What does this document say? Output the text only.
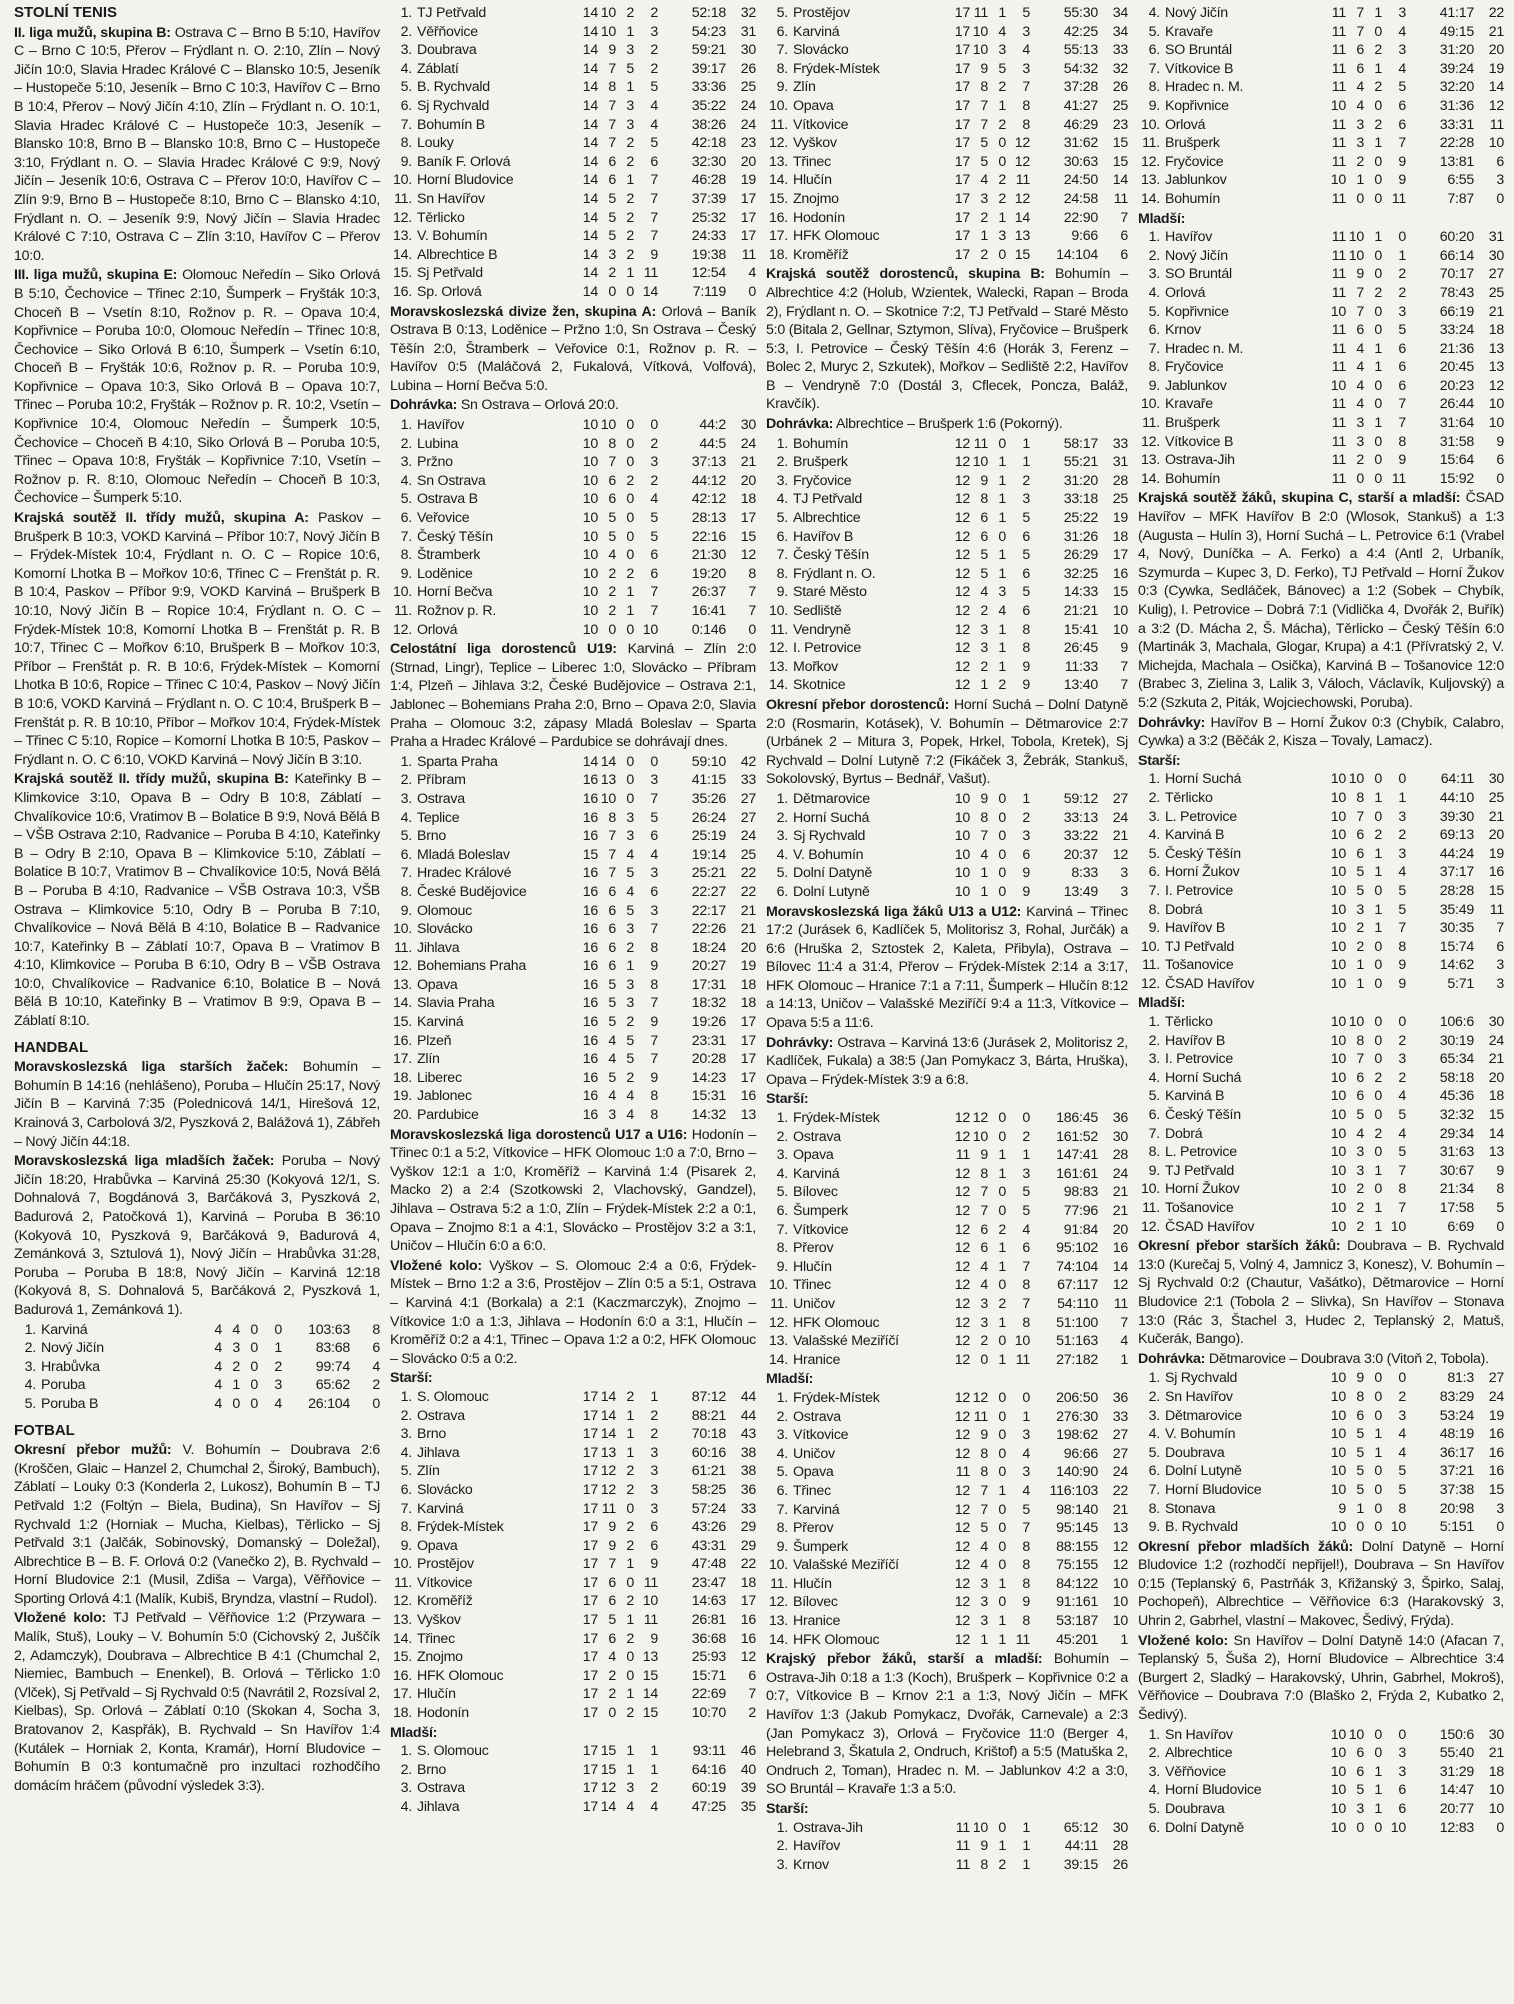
STOLNÍ TENIS
II. liga mužů, skupina B: Ostrava C – Brno B 5:10, Havířov C – Brno C 10:5, Přerov – Frýdlant n. O. 2:10, Zlín – Nový Jičín 10:0, Slavia Hradec Králové C – Blansko 10:5, Jeseník – Hustopeče 5:10, Jeseník – Brno C 10:3, Havířov C – Brno B 10:4, Přerov – Nový Jičín 4:10, Zlín – Frýdlant n. O. 10:1, Slavia Hradec Králové C – Hustopeče 10:3, Jeseník – Blansko 10:8, Brno B – Blansko 10:8, Brno C – Hustopeče 3:10, Frýdlant n. O. – Slavia Hradec Králové C 9:9, Nový Jičín – Jeseník 10:6, Ostrava C – Přerov 10:0, Havířov C – Zlín 9:9, Brno B – Hustopeče 8:10, Brno C – Blansko 4:10, Frýdlant n. O. – Jeseník 9:9, Nový Jičín – Slavia Hradec Králové C 7:10, Ostrava C – Zlín 3:10, Havířov C – Přerov 10:0.
III. liga mužů, skupina E: Olomouc Neředín – Siko Orlová B 5:10, Čechovice – Třinec 2:10, Šumperk – Fryšták 10:3, Choceň B – Vsetín 8:10, Rožnov p. R. – Opava 10:4, Kopřivnice – Poruba 10:0, Olomouc Neředín – Třinec 10:8, Čechovice – Siko Orlová B 6:10, Šumperk – Vsetín 6:10, Choceň B – Fryšták 10:6, Rožnov p. R. – Poruba 10:9, Kopřivnice – Opava 10:3, Siko Orlová B – Opava 10:7, Třinec – Poruba 10:2, Fryšták – Rožnov p. R. 10:2, Vsetín – Kopřivnice 10:4, Olomouc Neředín – Šumperk 10:5, Čechovice – Choceň B 4:10, Siko Orlová B – Poruba 10:5, Třinec – Opava 10:8, Fryšták – Kopřivnice 7:10, Vsetín – Rožnov p. R. 8:10, Olomouc Neředín – Choceň B 10:3, Čechovice – Šumperk 5:10.
Krajská soutěž II. třídy mužů, skupina A: Paskov – Brušperk B 10:3, VOKD Karviná – Příbor 10:7, Nový Jičín B – Frýdek-Místek 10:4, Frýdlant n. O. C – Ropice 10:6, Komorní Lhotka B – Mořkov 10:6, Třinec C – Frenštát p. R. B 10:4, Paskov – Příbor 9:9, VOKD Karviná – Brušperk B 10:10, Nový Jičín B – Ropice 10:4, Frýdlant n. O. C – Frýdek-Místek 10:8, Komorní Lhotka B – Frenštát p. R. B 10:7, Třinec C – Mořkov 6:10, Brušperk B – Mořkov 10:3, Příbor – Frenštát p. R. B 10:6, Frýdek-Místek – Komorní Lhotka B 10:6, Ropice – Třinec C 10:4, Paskov – Nový Jičín B 10:6, VOKD Karviná – Frýdlant n. O. C 10:4, Brušperk B – Frenštát p. R. B 10:10, Příbor – Mořkov 10:4, Frýdek-Místek – Třinec C 5:10, Ropice – Komorní Lhotka B 10:5, Paskov – Frýdlant n. O. C 6:10, VOKD Karviná – Nový Jičín B 3:10.
Krajská soutěž II. třídy mužů, skupina B: Kateřinky B – Klimkovice 3:10, Opava B – Odry B 10:8, Záblatí – Chvalíkovice 10:6, Vratimov B – Bolatice B 9:9, Nová Bělá B – VŠB Ostrava 2:10, Radvanice – Poruba B 4:10, Kateřinky B – Odry B 2:10, Opava B – Klimkovice 5:10, Záblatí – Bolatice B 10:7, Vratimov B – Chvalíkovice 10:5, Nová Bělá B – Poruba B 4:10, Radvanice – VŠB Ostrava 10:3, VŠB Ostrava – Klimkovice 5:10, Odry B – Poruba B 7:10, Chvalíkovice – Nová Bělá B 4:10, Bolatice B – Radvanice 10:7, Kateřinky B – Záblatí 10:7, Opava B – Vratimov B 4:10, Klimkovice – Poruba B 6:10, Odry B – VŠB Ostrava 10:0, Chvalíkovice – Radvanice 6:10, Bolatice B – Nová Bělá B 10:10, Kateřinky B – Vratimov B 9:9, Opava B – Záblatí 8:10.
HANDBAL
Moravskoslezská liga starších žaček: Bohumín – Bohumín B 14:16 (nehlášeno), Poruba – Hlučín 25:17, Nový Jičín B – Karviná 7:35 (Polednicová 14/1, Hirešová 12, Krainová 3, Carbolová 3/2, Pyszková 2, Balážová 1), Zábřeh – Nový Jičín 44:18.
Moravskoslezská liga mladších žaček: Poruba – Nový Jičín 18:20, Hrabůvka – Karviná 25:30 (Kokyová 12/1, S. Dohnalová 7, Bogdánová 3, Barčáková 3, Pyszková 2, Badurová 2, Patočková 1), Karviná – Poruba B 36:10 (Kokyová 10, Pyszková 9, Barčáková 9, Badurová 4, Zemánková 3, Sztulová 1), Nový Jičín – Hrabůvka 31:28, Poruba – Poruba B 18:8, Nový Jičín – Karviná 12:18 (Kokyová 8, S. Dohnalová 5, Barčáková 2, Pyszková 1, Badurová 1, Zemánková 1).
1.	Karviná	4	4	0	0	103:63	8
2.	Nový Jičín	4	3	0	1	83:68	6
3.	Hrabůvka	4	2	0	2	99:74	4
4.	Poruba	4	1	0	3	65:62	2
5.	Poruba B	4	0	0	4	26:104	0
FOTBAL
Okresní přebor mužů: V. Bohumín – Doubrava 2:6 (Kroščen, Glaic – Hanzel 2, Chumchal 2, Široký, Bambuch), Záblatí – Louky 0:3 (Konderla 2, Lukosz), Bohumín B – TJ Petřvald 1:2 (Foltýn – Biela, Budina), Sn Havířov – Sj Rychvald 1:2 (Horniak – Mucha, Kielbas), Těrlicko – Sj Petřvald 3:1 (Jalčák, Sobinovský, Domanský – Doležal), Albrechtice B – B. F. Orlová 0:2 (Vanečko 2), B. Rychvald – Horní Bludovice 2:1 (Musil, Zdiša – Varga), Věřňovice – Sporting Orlová 4:1 (Malík, Kubiš, Bryndza, vlastní – Rudol).
Vložené kolo: TJ Petřvald – Věřňovice 1:2 (Przywara – Malík, Stuš), Louky – V. Bohumín 5:0 (Cichovský 2, Juščík 2, Adamczyk), Doubrava – Albrechtice B 4:1 (Chumchal 2, Niemiec, Bambuch – Enenkel), B. Orlová – Těrlicko 1:0 (Vlček), Sj Petřvald – Sj Rychvald 0:5 (Navrátil 2, Rozsíval 2, Kielbas), Sp. Orlová – Záblatí 0:10 (Skokan 4, Socha 3, Bratovanov 2, Kaspřák), B. Rychvald – Sn Havířov 1:4 (Kutálek – Horniak 2, Konta, Kramár), Horní Bludovice – Bohumín B 0:3 kontumačně pro inzultaci rozhodčího domácím hráčem (původní výsledek 3:3).
1.	TJ Petřvald	14	10	2	2	52:18	32
2.	Věřňovice	14	10	1	3	54:23	31
3.	Doubrava	14	9	3	2	59:21	30
4.	Záblatí	14	7	5	2	39:17	26
5.	B. Rychvald	14	8	1	5	33:36	25
6.	Sj Rychvald	14	7	3	4	35:22	24
7.	Bohumín B	14	7	3	4	38:26	24
8.	Louky	14	7	2	5	42:18	23
9.	Baník F. Orlová	14	6	2	6	32:30	20
10.	Horní Bludovice	14	6	1	7	46:28	19
11.	Sn Havířov	14	5	2	7	37:39	17
12.	Těrlicko	14	5	2	7	25:32	17
13.	V. Bohumín	14	5	2	7	24:33	17
14.	Albrechtice B	14	3	2	9	19:38	11
15.	Sj Petřvald	14	2	1	11	12:54	4
16.	Sp. Orlová	14	0	0	14	7:119	0
Moravskoslezská divize žen, skupina A: Orlová – Baník Ostrava B 0:13, Loděnice – Pržno 1:0, Sn Ostrava – Český Těšín 2:0, Štramberk – Veřovice 0:1, Rožnov p. R. – Havířov 0:5 (Maláčová 2, Fukalová, Vítková, Volfová), Lubina – Horní Bečva 5:0.
Dohrávka: Sn Ostrava – Orlová 20:0.
1.	Havířov	10	10	0	0	44:2	30
2.	Lubina	10	8	0	2	44:5	24
3.	Pržno	10	7	0	3	37:13	21
4.	Sn Ostrava	10	6	2	2	44:12	20
5.	Ostrava B	10	6	0	4	42:12	18
6.	Veřovice	10	5	0	5	28:13	17
7.	Český Těšín	10	5	0	5	22:16	15
8.	Štramberk	10	4	0	6	21:30	12
9.	Loděnice	10	2	2	6	19:20	8
10.	Horní Bečva	10	2	1	7	26:37	7
11.	Rožnov p. R.	10	2	1	7	16:41	7
12.	Orlová	10	0	0	10	0:146	0
Celostátní liga dorostenců U19: Karviná – Zlín 2:0 (Strnad, Lingr), Teplice – Liberec 1:0, Slovácko – Příbram 1:4, Plzeň – Jihlava 3:2, České Budějovice – Ostrava 2:1, Jablonec – Bohemians Praha 2:0, Brno – Opava 2:0, Slavia Praha – Olomouc 3:2, zápasy Mladá Boleslav – Sparta Praha a Hradec Králové – Pardubice se dohrávají dnes.
1.	Sparta Praha	14	14	0	0	59:10	42
2.	Příbram	16	13	0	3	41:15	33
3.	Ostrava	16	10	0	7	35:26	27
4.	Teplice	16	8	3	5	26:24	27
5.	Brno	16	7	3	6	25:19	24
6.	Mladá Boleslav	15	7	4	4	19:14	25
7.	Hradec Králové	16	7	5	3	25:21	22
8.	České Budějovice	16	6	4	6	22:27	22
9.	Olomouc	16	6	5	3	22:17	21
10.	Slovácko	16	6	3	7	22:26	21
11.	Jihlava	16	6	2	8	18:24	20
12.	Bohemians Praha	16	6	1	9	20:27	19
13.	Opava	16	5	3	8	17:31	18
14.	Slavia Praha	16	5	3	7	18:32	18
15.	Karviná	16	5	2	9	19:26	17
16.	Plzeň	16	4	5	7	23:31	17
17.	Zlín	16	4	5	7	20:28	17
18.	Liberec	16	5	2	9	14:23	17
19.	Jablonec	16	4	4	8	15:31	16
20.	Pardubice	16	3	4	8	14:32	13
Moravskoslezská liga dorostenců U17 a U16: Hodonín – Třinec 0:1 a 5:2, Vítkovice – HFK Olomouc 1:0 a 7:0, Brno – Vyškov 12:1 a 1:0, Kroměříž – Karviná 1:4 (Pisarek 2, Macko 2) a 2:4 (Szotkowski 2, Vlachovský, Gandzel), Jihlava – Ostrava 5:2 a 1:0, Zlín – Frýdek-Místek 2:2 a 0:1, Opava – Znojmo 8:1 a 4:1, Slovácko – Prostějov 3:2 a 3:1, Uničov – Hlučín 6:0 a 6:0.
Vložené kolo: Vyškov – S. Olomouc 2:4 a 0:6, Frýdek-Místek – Brno 1:2 a 3:6, Prostějov – Zlín 0:5 a 5:1, Ostrava – Karviná 4:1 (Borkala) a 2:1 (Kaczmarczyk), Znojmo – Vítkovice 1:0 a 1:3, Jihlava – Hodonín 6:0 a 3:1, Hlučín – Kroměříž 0:2 a 4:1, Třinec – Opava 1:2 a 0:2, HFK Olomouc – Slovácko 0:5 a 0:2.
Starší:
1.	S. Olomouc	17	14	2	1	87:12	44
2.	Ostrava	17	14	1	2	88:21	44
3.	Brno	17	14	1	2	70:18	43
4.	Jihlava	17	13	1	3	60:16	38
5.	Zlín	17	12	2	3	61:21	38
6.	Slovácko	17	12	2	3	58:25	36
7.	Karviná	17	11	0	3	57:24	33
8.	Frýdek-Místek	17	9	2	6	43:26	29
9.	Opava	17	9	2	6	43:31	29
10.	Prostějov	17	7	1	9	47:48	22
11.	Vítkovice	17	6	0	11	23:47	18
12.	Kroměříž	17	6	2	10	14:63	17
13.	Vyškov	17	5	1	11	26:81	16
14.	Třinec	17	6	2	9	36:68	16
15.	Znojmo	17	4	0	13	25:93	12
16.	HFK Olomouc	17	2	0	15	15:71	6
17.	Hlučín	17	2	1	14	22:69	7
18.	Hodonín	17	0	2	15	10:70	2
Mladší:
1.	S. Olomouc	17	15	1	1	93:11	46
2.	Brno	17	15	1	1	64:16	40
3.	Ostrava	17	12	3	2	60:19	39
4.	Jihlava	17	14	4	4	47:25	35
5.	Prostějov	17	11	1	5	55:30	34
6.	Karviná	17	10	4	3	42:25	34
7.	Slovácko	17	10	3	4	55:13	33
8.	Frýdek-Místek	17	9	5	3	54:32	32
9.	Zlín	17	8	2	7	37:28	26
10.	Opava	17	7	1	8	41:27	25
11.	Vítkovice	17	7	2	8	46:29	23
12.	Vyškov	17	5	0	12	31:62	15
13.	Třinec	17	5	0	12	30:63	15
14.	Hlučín	17	4	2	11	24:50	14
15.	Znojmo	17	3	2	12	24:58	11
16.	Hodonín	17	2	1	14	22:90	7
17.	HFK Olomouc	17	1	3	13	9:66	6
18.	Kroměříž	17	2	0	15	14:104	6
Krajská soutěž dorostenců, skupina B: Bohumín – Albrechtice 4:2 (Holub, Wzientek, Walecki, Rapan – Broda 2), Frýdlant n. O. – Skotnice 7:2, TJ Petřvald – Staré Město 5:0 (Bitala 2, Gellnar, Sztymon, Slíva), Fryčovice – Brušperk 5:3, I. Petrovice – Český Těšín 4:6 (Horák 3, Ferenz – Bolec 2, Muryc 2, Szkutek), Mořkov – Sedliště 2:2, Havířov B – Vendryně 7:0 (Dostál 3, Cflecek, Poncza, Baláž, Kravčík).
Dohrávka: Albrechtice – Brušperk 1:6 (Pokorný).
1.	Bohumín	12	11	0	1	58:17	33
2.	Brušperk	12	10	1	1	55:21	31
3.	Fryčovice	12	9	1	2	31:20	28
4.	TJ Petřvald	12	8	1	3	33:18	25
5.	Albrechtice	12	6	1	5	25:22	19
6.	Havířov B	12	6	0	6	31:26	18
7.	Český Těšín	12	5	1	5	26:29	17
8.	Frýdlant n. O.	12	5	1	6	32:25	16
9.	Staré Město	12	4	3	5	14:33	15
10.	Sedliště	12	2	4	6	21:21	10
11.	Vendryně	12	3	1	8	15:41	10
12.	I. Petrovice	12	3	1	8	26:45	9
13.	Mořkov	12	2	1	9	11:33	7
14.	Skotnice	12	1	2	9	13:40	7
Okresní přebor dorostenců: Horní Suchá – Dolní Datyně 2:0 (Rosmarin, Kotásek), V. Bohumín – Dětmarovice 2:7 (Urbánek 2 – Mitura 3, Popek, Hrkel, Tobola, Kretek), Sj Rychvald – Dolní Lutyně 7:2 (Fikáček 3, Žebrák, Stankuš, Sokolovský, Byrtus – Bednář, Vašut).
1.	Dětmarovice	10	9	0	1	59:12	27
2.	Horní Suchá	10	8	0	2	33:13	24
3.	Sj Rychvald	10	7	0	3	33:22	21
4.	V. Bohumín	10	4	0	6	20:37	12
5.	Dolní Datyně	10	1	0	9	8:33	3
6.	Dolní Lutyně	10	1	0	9	13:49	3
Moravskoslezská liga žáků U13 a U12: Karviná – Třinec 17:2 (Jurásek 6, Kadlíček 5, Molitorisz 3, Rohal, Jurčák) a 6:6 (Hruška 2, Sztostek 2, Kaleta, Přibyla), Ostrava – Bílovec 11:4 a 31:4, Přerov – Frýdek-Místek 2:14 a 3:17, HFK Olomouc – Hranice 7:1 a 7:11, Šumperk – Hlučín 8:12 a 14:13, Uničov – Valašské Meziříčí 9:4 a 11:3, Vítkovice – Opava 5:5 a 11:6.
Dohrávky: Ostrava – Karviná 13:6 (Jurásek 2, Molitorisz 2, Kadlíček, Fukala) a 38:5 (Jan Pomykacz 3, Bárta, Hruška), Opava – Frýdek-Místek 3:9 a 6:8.
Starší:
1.	Frýdek-Místek	12	12	0	0	186:45	36
2.	Ostrava	12	10	0	2	161:52	30
3.	Opava	11	9	1	1	147:41	28
4.	Karviná	12	8	1	3	161:61	24
5.	Bílovec	12	7	0	5	98:83	21
6.	Šumperk	12	7	0	5	77:96	21
7.	Vítkovice	12	6	2	4	91:84	20
8.	Přerov	12	6	1	6	95:102	16
9.	Hlučín	12	4	1	7	74:104	14
10.	Třinec	12	4	0	8	67:117	12
11.	Uničov	12	3	2	7	54:110	11
12.	HFK Olomouc	12	3	1	8	51:100	7
13.	Valašské Meziříčí	12	2	0	10	51:163	4
14.	Hranice	12	0	1	11	27:182	1
Mladší:
1.	Frýdek-Místek	12	12	0	0	206:50	36
2.	Ostrava	12	11	0	1	276:30	33
3.	Vítkovice	12	9	0	3	198:62	27
4.	Uničov	12	8	0	4	96:66	27
5.	Opava	11	8	0	3	140:90	24
6.	Třinec	12	7	1	4	116:103	22
7.	Karviná	12	7	0	5	98:140	21
8.	Přerov	12	5	0	7	95:145	13
9.	Šumperk	12	4	0	8	88:155	12
10.	Valašské Meziříčí	12	4	0	8	75:155	12
11.	Hlučín	12	3	1	8	84:122	10
12.	Bílovec	12	3	0	9	91:161	10
13.	Hranice	12	3	1	8	53:187	10
14.	HFK Olomouc	12	1	1	11	45:201	1
Krajský přebor žáků, starší a mladší: Bohumín – Ostrava-Jih 0:18 a 1:3 (Koch), Brušperk – Kopřivnice 0:2 a 0:7, Vítkovice B – Krnov 2:1 a 1:3, Nový Jičín – MFK Havířov 1:3 (Jakub Pomykacz, Dvořák, Carnevale) a 2:3 (Jan Pomykacz 3), Orlová – Fryčovice 11:0 (Berger 4, Helebrand 3, Škatula 2, Ondruch, Krištof) a 5:5 (Matuška 2, Ondruch 2, Toman), Hradec n. M. – Jablunkov 4:2 a 3:0, SO Bruntál – Kravaře 1:3 a 5:0.
Starší:
1.	Ostrava-Jih	11	10	0	1	65:12	30
2.	Havířov	11	9	1	1	44:11	28
3.	Krnov	11	8	2	1	39:15	26
4.	Nový Jičín	11	7	1	3	41:17	22
5.	Kravaře	11	7	0	4	49:15	21
6.	SO Bruntál	11	6	2	3	31:20	20
7.	Vítkovice B	11	6	1	4	39:24	19
8.	Hradec n. M.	11	4	2	5	32:20	14
9.	Kopřivnice	10	4	0	6	31:36	12
10.	Orlová	11	3	2	6	33:31	11
11.	Brušperk	11	3	1	7	22:28	10
12.	Fryčovice	11	2	0	9	13:81	6
13.	Jablunkov	10	1	0	9	6:55	3
14.	Bohumín	11	0	0	11	7:87	0
Mladší:
1.	Havířov	11	10	1	0	60:20	31
2.	Nový Jičín	11	10	0	1	66:14	30
3.	SO Bruntál	11	9	0	2	70:17	27
4.	Orlová	11	7	2	2	78:43	25
5.	Kopřivnice	10	7	0	3	66:19	21
6.	Krnov	11	6	0	5	33:24	18
7.	Hradec n. M.	11	4	1	6	21:36	13
8.	Fryčovice	11	4	1	6	20:45	13
9.	Jablunkov	10	4	0	6	20:23	12
10.	Kravaře	11	4	0	7	26:44	10
11.	Brušperk	11	3	1	7	31:64	10
12.	Vítkovice B	11	3	0	8	31:58	9
13.	Ostrava-Jih	11	2	0	9	15:64	6
14.	Bohumín	11	0	0	11	15:92	0
Krajská soutěž žáků, skupina C, starší a mladší: ČSAD Havířov – MFK Havířov B 2:0 (Wlosok, Stankuš) a 1:3 (Augusta – Hulín 3), Horní Suchá – L. Petrovice 6:1 (Vrabel 4, Nový, Duníčka – A. Ferko) a 4:4 (Antl 2, Urbaník, Szymurda – Kupec 3, D. Ferko), TJ Petřvald – Horní Žukov 0:3 (Cywka, Sedláček, Bánovec) a 1:2 (Sobek – Chybík, Kulig), I. Petrovice – Dobrá 7:1 (Vidlička 4, Dvořák 2, Buřík) a 3:2 (D. Mácha 2, Š. Mácha), Těrlicko – Český Těšín 6:0 (Martinák 3, Machala, Glogar, Krupa) a 4:1 (Přívratský 2, V. Michejda, Machala – Osička), Karviná B – Tošanovice 12:0 (Brabec 3, Zielina 3, Lalik 3, Váloch, Václavík, Kuljovský) a 5:2 (Szkuta 2, Piták, Wojciechowski, Poruba).
Dohrávky: Havířov B – Horní Žukov 0:3 (Chybík, Calabro, Cywka) a 3:2 (Běčák 2, Kisza – Tovaly, Lamacz).
Starší:
1.	Horní Suchá	10	10	0	0	64:11	30
2.	Těrlicko	10	8	1	1	44:10	25
3.	L. Petrovice	10	7	0	3	39:30	21
4.	Karviná B	10	6	2	2	69:13	20
5.	Český Těšín	10	6	1	3	44:24	19
6.	Horní Žukov	10	5	1	4	37:17	16
7.	I. Petrovice	10	5	0	5	28:28	15
8.	Dobrá	10	3	1	5	35:49	11
9.	Havířov B	10	2	1	7	30:35	7
10.	TJ Petřvald	10	2	0	8	15:74	6
11.	Tošanovice	10	1	0	9	14:62	3
12.	ČSAD Havířov	10	1	0	9	5:71	3
Mladší:
1.	Těrlicko	10	10	0	0	106:6	30
2.	Havířov B	10	8	0	2	30:19	24
3.	I. Petrovice	10	7	0	3	65:34	21
4.	Horní Suchá	10	6	2	2	58:18	20
5.	Karviná B	10	6	0	4	45:36	18
6.	Český Těšín	10	5	0	5	32:32	15
7.	Dobrá	10	4	2	4	29:34	14
8.	L. Petrovice	10	3	0	5	31:63	13
9.	TJ Petřvald	10	3	1	7	30:67	9
10.	Horní Žukov	10	2	0	8	21:34	8
11.	Tošanovice	10	2	1	7	17:58	5
12.	ČSAD Havířov	10	2	1	10	6:69	0
Okresní přebor starších žáků: Doubrava – B. Rychvald 13:0 (Kurečaj 5, Volný 4, Jamnicz 3, Konesz), V. Bohumín – Sj Rychvald 0:2 (Chautur, Vašátko), Dětmarovice – Horní Bludovice 2:1 (Tobola 2 – Slivka), Sn Havířov – Stonava 13:0 (Rác 3, Štachel 3, Hudec 2, Teplanský 2, Matuš, Kučerák, Bango).
Dohrávka: Dětmarovice – Doubrava 3:0 (Vitoň 2, Tobola).
1.	Sj Rychvald	10	9	0	0	81:3	27
2.	Sn Havířov	10	8	0	2	83:29	24
3.	Dětmarovice	10	6	0	3	53:24	19
4.	V. Bohumín	10	5	1	4	48:19	16
5.	Doubrava	10	5	1	4	36:17	16
6.	Dolní Lutyně	10	5	0	5	37:21	16
7.	Horní Bludovice	10	5	0	5	37:38	15
8.	Stonava	9	1	0	8	20:98	3
9.	B. Rychvald	10	0	0	10	5:151	0
Okresní přebor mladších žáků: Dolní Datyně – Horní Bludovice 1:2 (rozhodčí nepřijel!), Doubrava – Sn Havířov 0:15 (Teplanský 6, Pastrňák 3, Křižanský 3, Špirko, Salaj, Pochopeň), Albrechtice – Věřňovice 6:3 (Harakovský 3, Uhrin 2, Gabrhel, vlastní – Makovec, Šedivý, Frýda).
Vložené kolo: Sn Havířov – Dolní Datyně 14:0 (Afacan 7, Teplanský 5, Šuša 2), Horní Bludovice – Albrechtice 3:4 (Burgert 2, Sladký – Harakovský, Uhrin, Gabrhel, Mokroš), Věřňovice – Doubrava 7:0 (Blaško 2, Frýda 2, Kubatko 2, Šedivý).
1.	Sn Havířov	10	10	0	0	150:6	30
2.	Albrechtice	10	6	0	3	55:40	21
3.	Věřňovice	10	6	1	3	31:29	18
4.	Horní Bludovice	10	5	1	6	14:47	10
5.	Doubrava	10	3	1	6	20:77	10
6.	Dolní Datyně	10	0	0	10	12:83	0
